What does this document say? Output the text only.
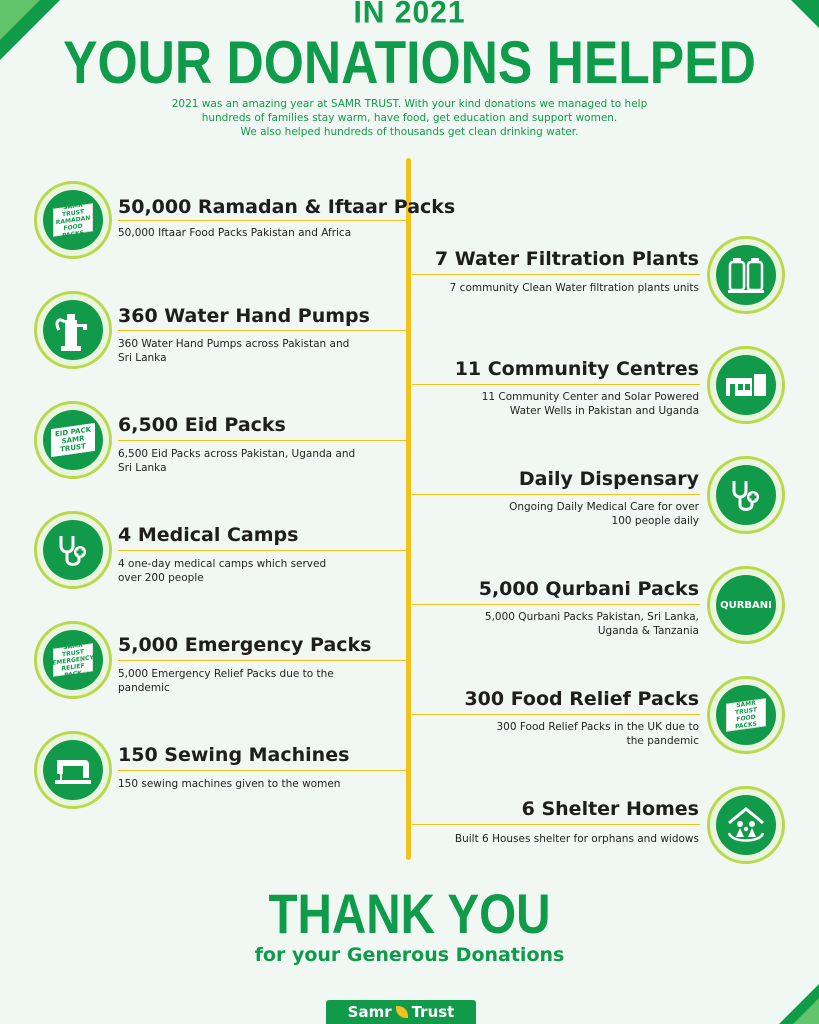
IN 2021
YOUR DONATIONS HELPED
2021 was an amazing year at SAMR TRUST. With your kind donations we managed to help
hundreds of families stay warm, have food, get education and support women.
We also helped hundreds of thousands get clean drinking water.
SAMR TRUST RAMADAN FOOD PACKS
50,000 Ramadan & Iftaar Packs
50,000 Iftaar Food Packs Pakistan and Africa
360 Water Hand Pumps
360 Water Hand Pumps across Pakistan and
Sri Lanka
EID PACK SAMR TRUST
6,500 Eid Packs
6,500 Eid Packs across Pakistan, Uganda and
Sri Lanka
4 Medical Camps
4 one-day medical camps which served
over 200 people
SAMR TRUST EMERGENCY RELIEF PACK
5,000 Emergency Packs
5,000 Emergency Relief Packs due to the
pandemic
150 Sewing Machines
150 sewing machines given to the women
7 Water Filtration Plants
7 community Clean Water filtration plants units
11 Community Centres
11 Community Center and Solar Powered
Water Wells in Pakistan and Uganda
Daily Dispensary
Ongoing Daily Medical Care for over
100 people daily
QURBANI
5,000 Qurbani Packs
5,000 Qurbani Packs Pakistan, Sri Lanka,
Uganda & Tanzania
SAMR TRUST FOOD PACKS
300 Food Relief Packs
300 Food Relief Packs in the UK due to
the pandemic
6 Shelter Homes
Built 6 Houses shelter for orphans and widows
THANK YOU
for your Generous Donations
Samr Trust
